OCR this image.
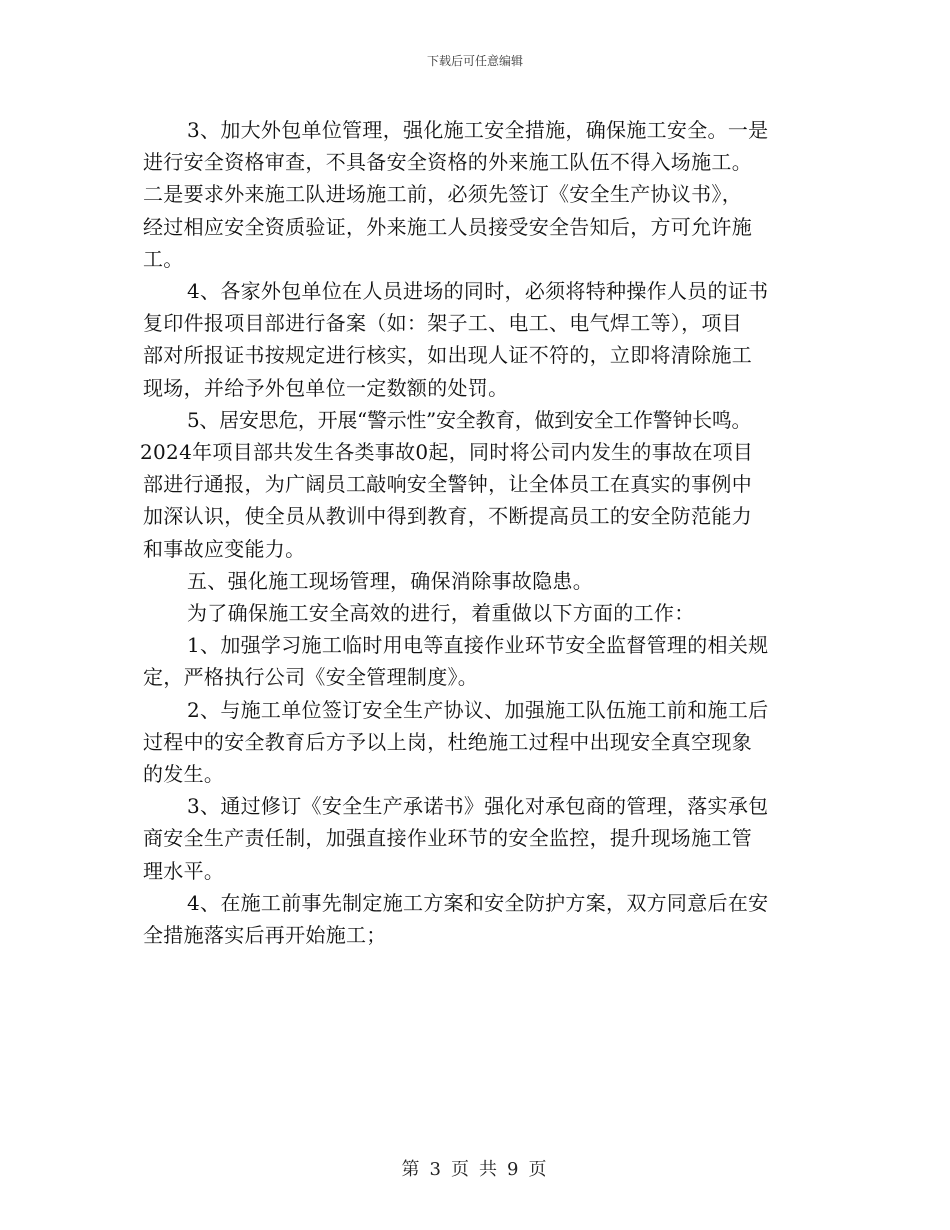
下载后可任意编辑

3、加大外包单位管理，强化施工安全措施，确保施工安全。一是

进行安全资格审查，不具备安全资格的外来施工队伍不得入场施工。

二是要求外来施工队进场施工前，必须先签订《安全生产协议书》，

经过相应安全资质验证，外来施工人员接受安全告知后，方可允许施

工。

4、各家外包单位在人员进场的同时，必须将特种操作人员的证书

复印件报项目部进行备案（如：架子工、电工、电气焊工等），项目

部对所报证书按规定进行核实，如出现人证不符的，立即将清除施工

现场，并给予外包单位一定数额的处罚。

5、居安思危，开展“警示性”安全教育，做到安全工作警钟长鸣。

2024年项目部共发生各类事故0起，同时将公司内发生的事故在项目

部进行通报，为广阔员工敲响安全警钟，让全体员工在真实的事例中

加深认识，使全员从教训中得到教育，不断提高员工的安全防范能力

和事故应变能力。

五、强化施工现场管理，确保消除事故隐患。

为了确保施工安全高效的进行，着重做以下方面的工作：

1、加强学习施工临时用电等直接作业环节安全监督管理的相关规

定，严格执行公司《安全管理制度》。

2、与施工单位签订安全生产协议、加强施工队伍施工前和施工后

过程中的安全教育后方予以上岗，杜绝施工过程中出现安全真空现象

的发生。

3、通过修订《安全生产承诺书》强化对承包商的管理，落实承包

商安全生产责任制，加强直接作业环节的安全监控，提升现场施工管

理水平。

4、在施工前事先制定施工方案和安全防护方案，双方同意后在安

全措施落实后再开始施工；

第 3 页 共 9 页
